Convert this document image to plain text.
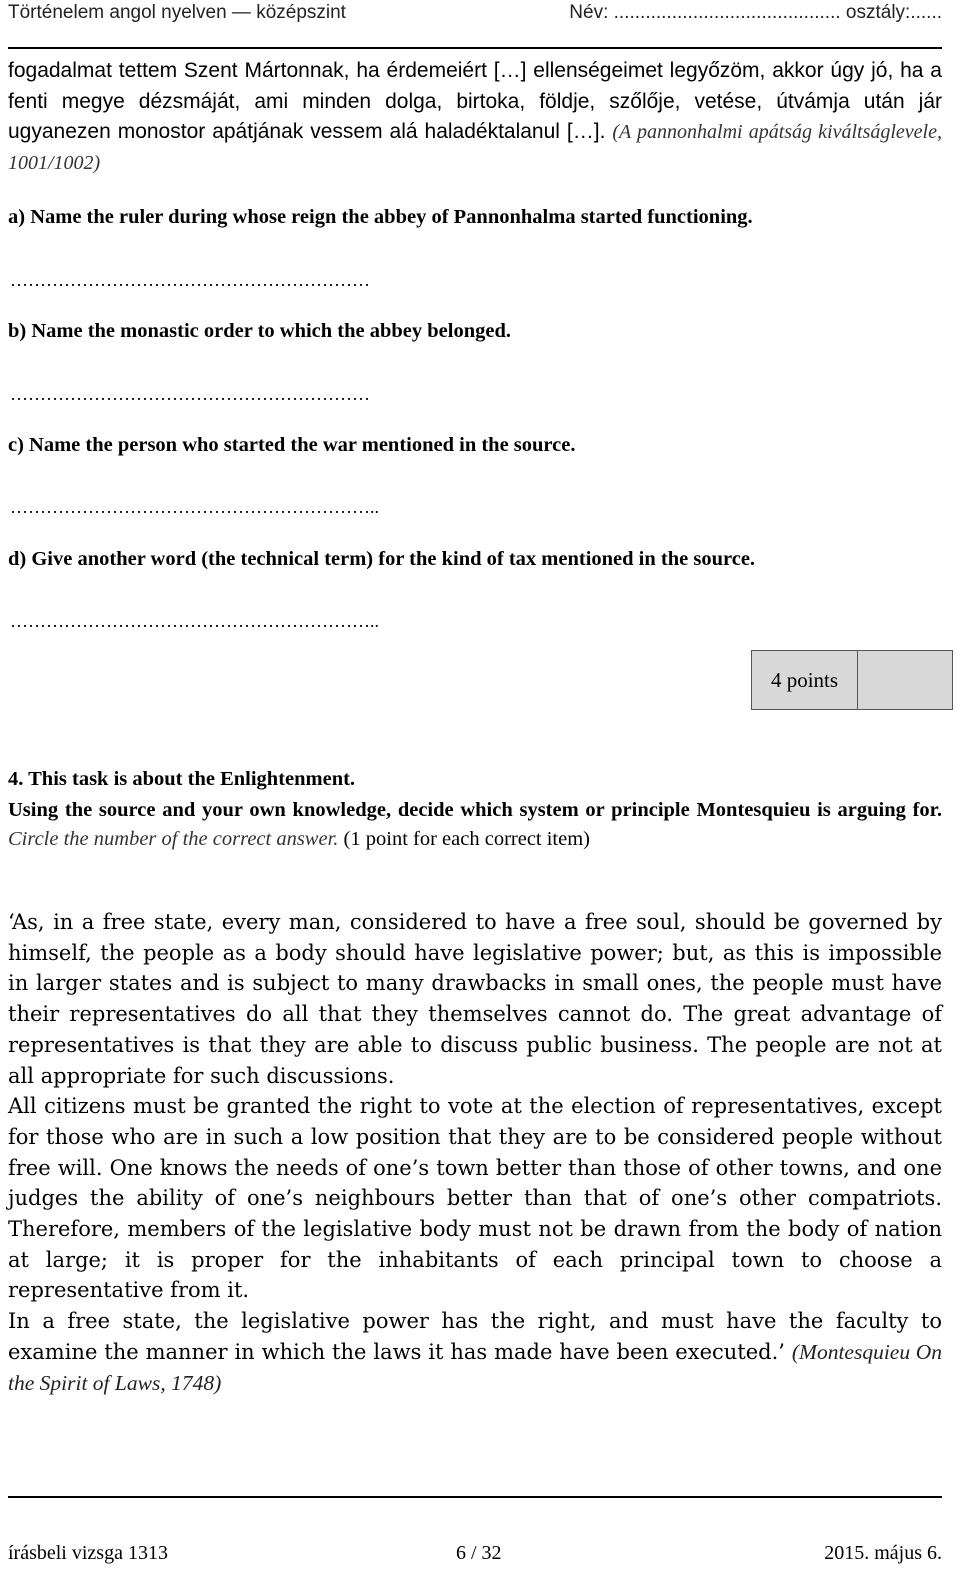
Történelem angol nyelven — középszint	Név: ........................................... osztály:......
fogadalmat tettem Szent Mártonnak, ha érdemeiért […] ellenségeimet legyőzöm, akkor úgy jó, ha a fenti megye dézsmáját, ami minden dolga, birtoka, földje, szőlője, vetése, útvámja után jár ugyanezen monostor apátjának vessem alá haladéktalanul […]. (A pannonhalmi apátság kiváltságlevele, 1001/1002)
a) Name the ruler during whose reign the abbey of Pannonhalma started functioning.
……………………………………………………
b) Name the monastic order to which the abbey belonged.
……………………………………………………
c) Name the person who started the war mentioned in the source.
……………………………………………………..
d) Give another word (the technical term) for the kind of tax mentioned in the source.
……………………………………………………..
4 points
4. This task is about the Enlightenment.
Using the source and your own knowledge, decide which system or principle Montesquieu is arguing for. Circle the number of the correct answer. (1 point for each correct item)

‘As, in a free state, every man, considered to have a free soul, should be governed by himself, the people as a body should have legislative power; but, as this is impossible in larger states and is subject to many drawbacks in small ones, the people must have their representatives do all that they themselves cannot do. The great advantage of representatives is that they are able to discuss public business. The people are not at all appropriate for such discussions.

All citizens must be granted the right to vote at the election of representatives, except for those who are in such a low position that they are to be considered people without free will. One knows the needs of one’s town better than those of other towns, and one judges the ability of one’s neighbours better than that of one’s other compatriots. Therefore, members of the legislative body must not be drawn from the body of nation at large; it is proper for the inhabitants of each principal town to choose a representative from it.

In a free state, the legislative power has the right, and must have the faculty to examine the manner in which the laws it has made have been executed.’ (Montesquieu On the Spirit of Laws, 1748)

írásbeli vizsga 1313	6 / 32	2015. május 6.
